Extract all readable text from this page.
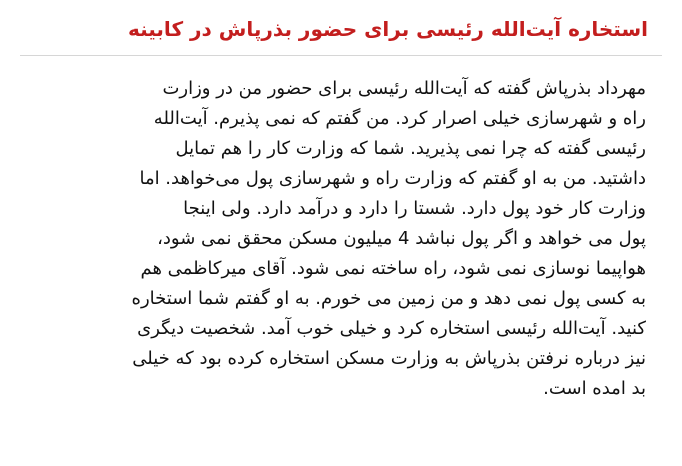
استخاره آیت‌الله رئیسی برای حضور بذرپاش در کابینه
مهرداد بذرپاش گفته که آیت‌الله رئیسی برای حضور من در وزارت
راه و شهرسازی خیلی اصرار کرد. من گفتم که نمی پذیرم. آیت‌الله
رئیسی گفته که چرا نمی پذیرید. شما که وزارت کار را هم تمایل
داشتید. من به او گفتم که وزارت راه و شهرسازی پول می‌خواهد. اما
وزارت کار خود پول دارد. شستا را دارد و درآمد دارد. ولی اینجا
پول می خواهد و اگر پول نباشد 4 میلیون مسکن محقق نمی شود،
هواپیما نوسازی نمی شود، راه ساخته نمی شود. آقای میرکاظمی هم
به کسی پول نمی دهد و من زمین می خورم. به او گفتم شما استخاره
کنید. آیت‌الله رئیسی استخاره کرد و خیلی خوب آمد. شخصیت دیگری
نیز درباره نرفتن بذرپاش به وزارت مسکن استخاره کرده بود که خیلی
بد امده است.
